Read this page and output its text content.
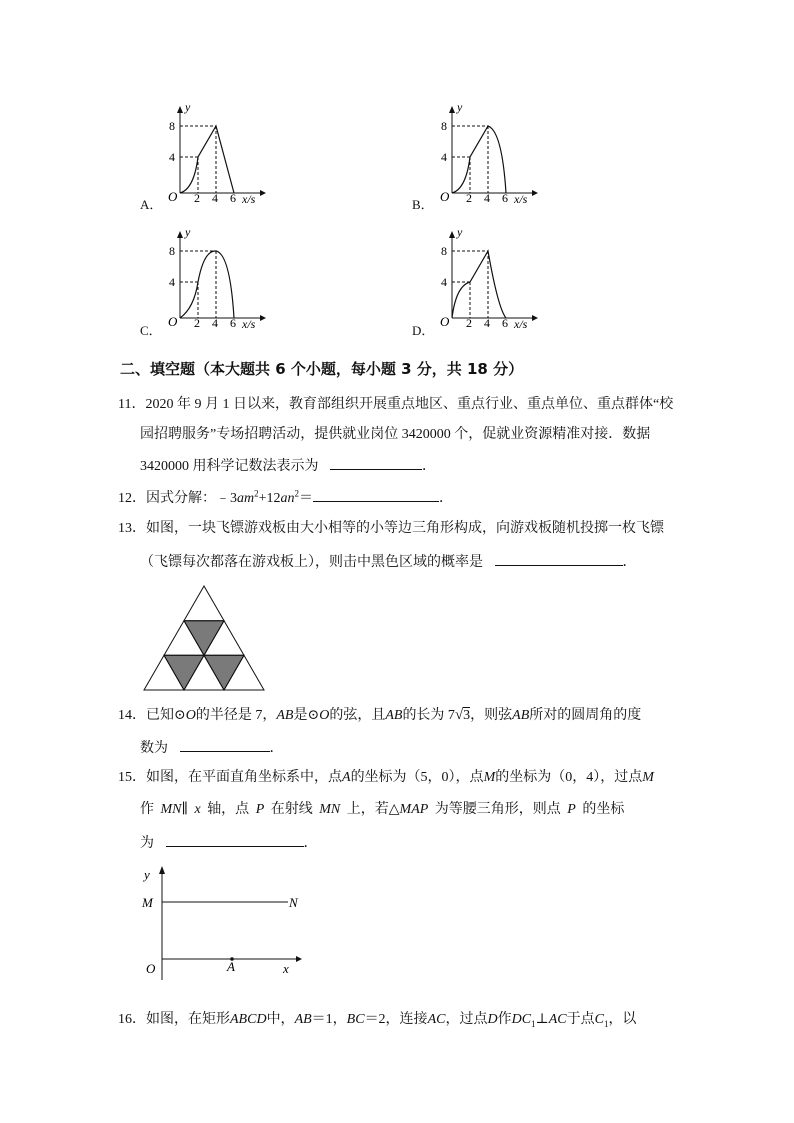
y
8
4
O 2 4 6 x/s
A．
y
8
4
O 2 4 6 x/s
B．
y
8
4
O 2 4 6 x/s
C．
y
8
4
O 2 4 6 x/s
D．
二、填空题（本大题共 6 个小题，每小题 3 分，共 18 分）
11．2020 年 9 月 1 日以来，教育部组织开展重点地区、重点行业、重点单位、重点群体“校
园招聘服务”专场招聘活动，提供就业岗位 3420000 个，促就业资源精准对接．数据
3420000 用科学记数法表示为	．
12．因式分解：$﹣3am^2+12an^2=$	．
13．如图，一块飞镖游戏板由大小相等的小等边三角形构成，向游戏板随机投掷一枚飞镖
（飞镖每次都落在游戏板上），则击中黑色区域的概率是	．
14．已知⊙O的半径是 7，AB是⊙O的弦，且AB的长为 7√3，则弦AB所对的圆周角的度
数为	．
15．如图，在平面直角坐标系中，点A的坐标为（5，0），点M的坐标为（0，4），过点M
作 MN∥ x 轴，点 P 在射线 MN 上，若△MAP 为等腰三角形，则点 P 的坐标
为	．
y
M	N
O	A	x
16．如图，在矩形ABCD中，AB＝1，BC＝2，连接AC，过点D作$DC_1\perp AC$于点$C_1$，以
